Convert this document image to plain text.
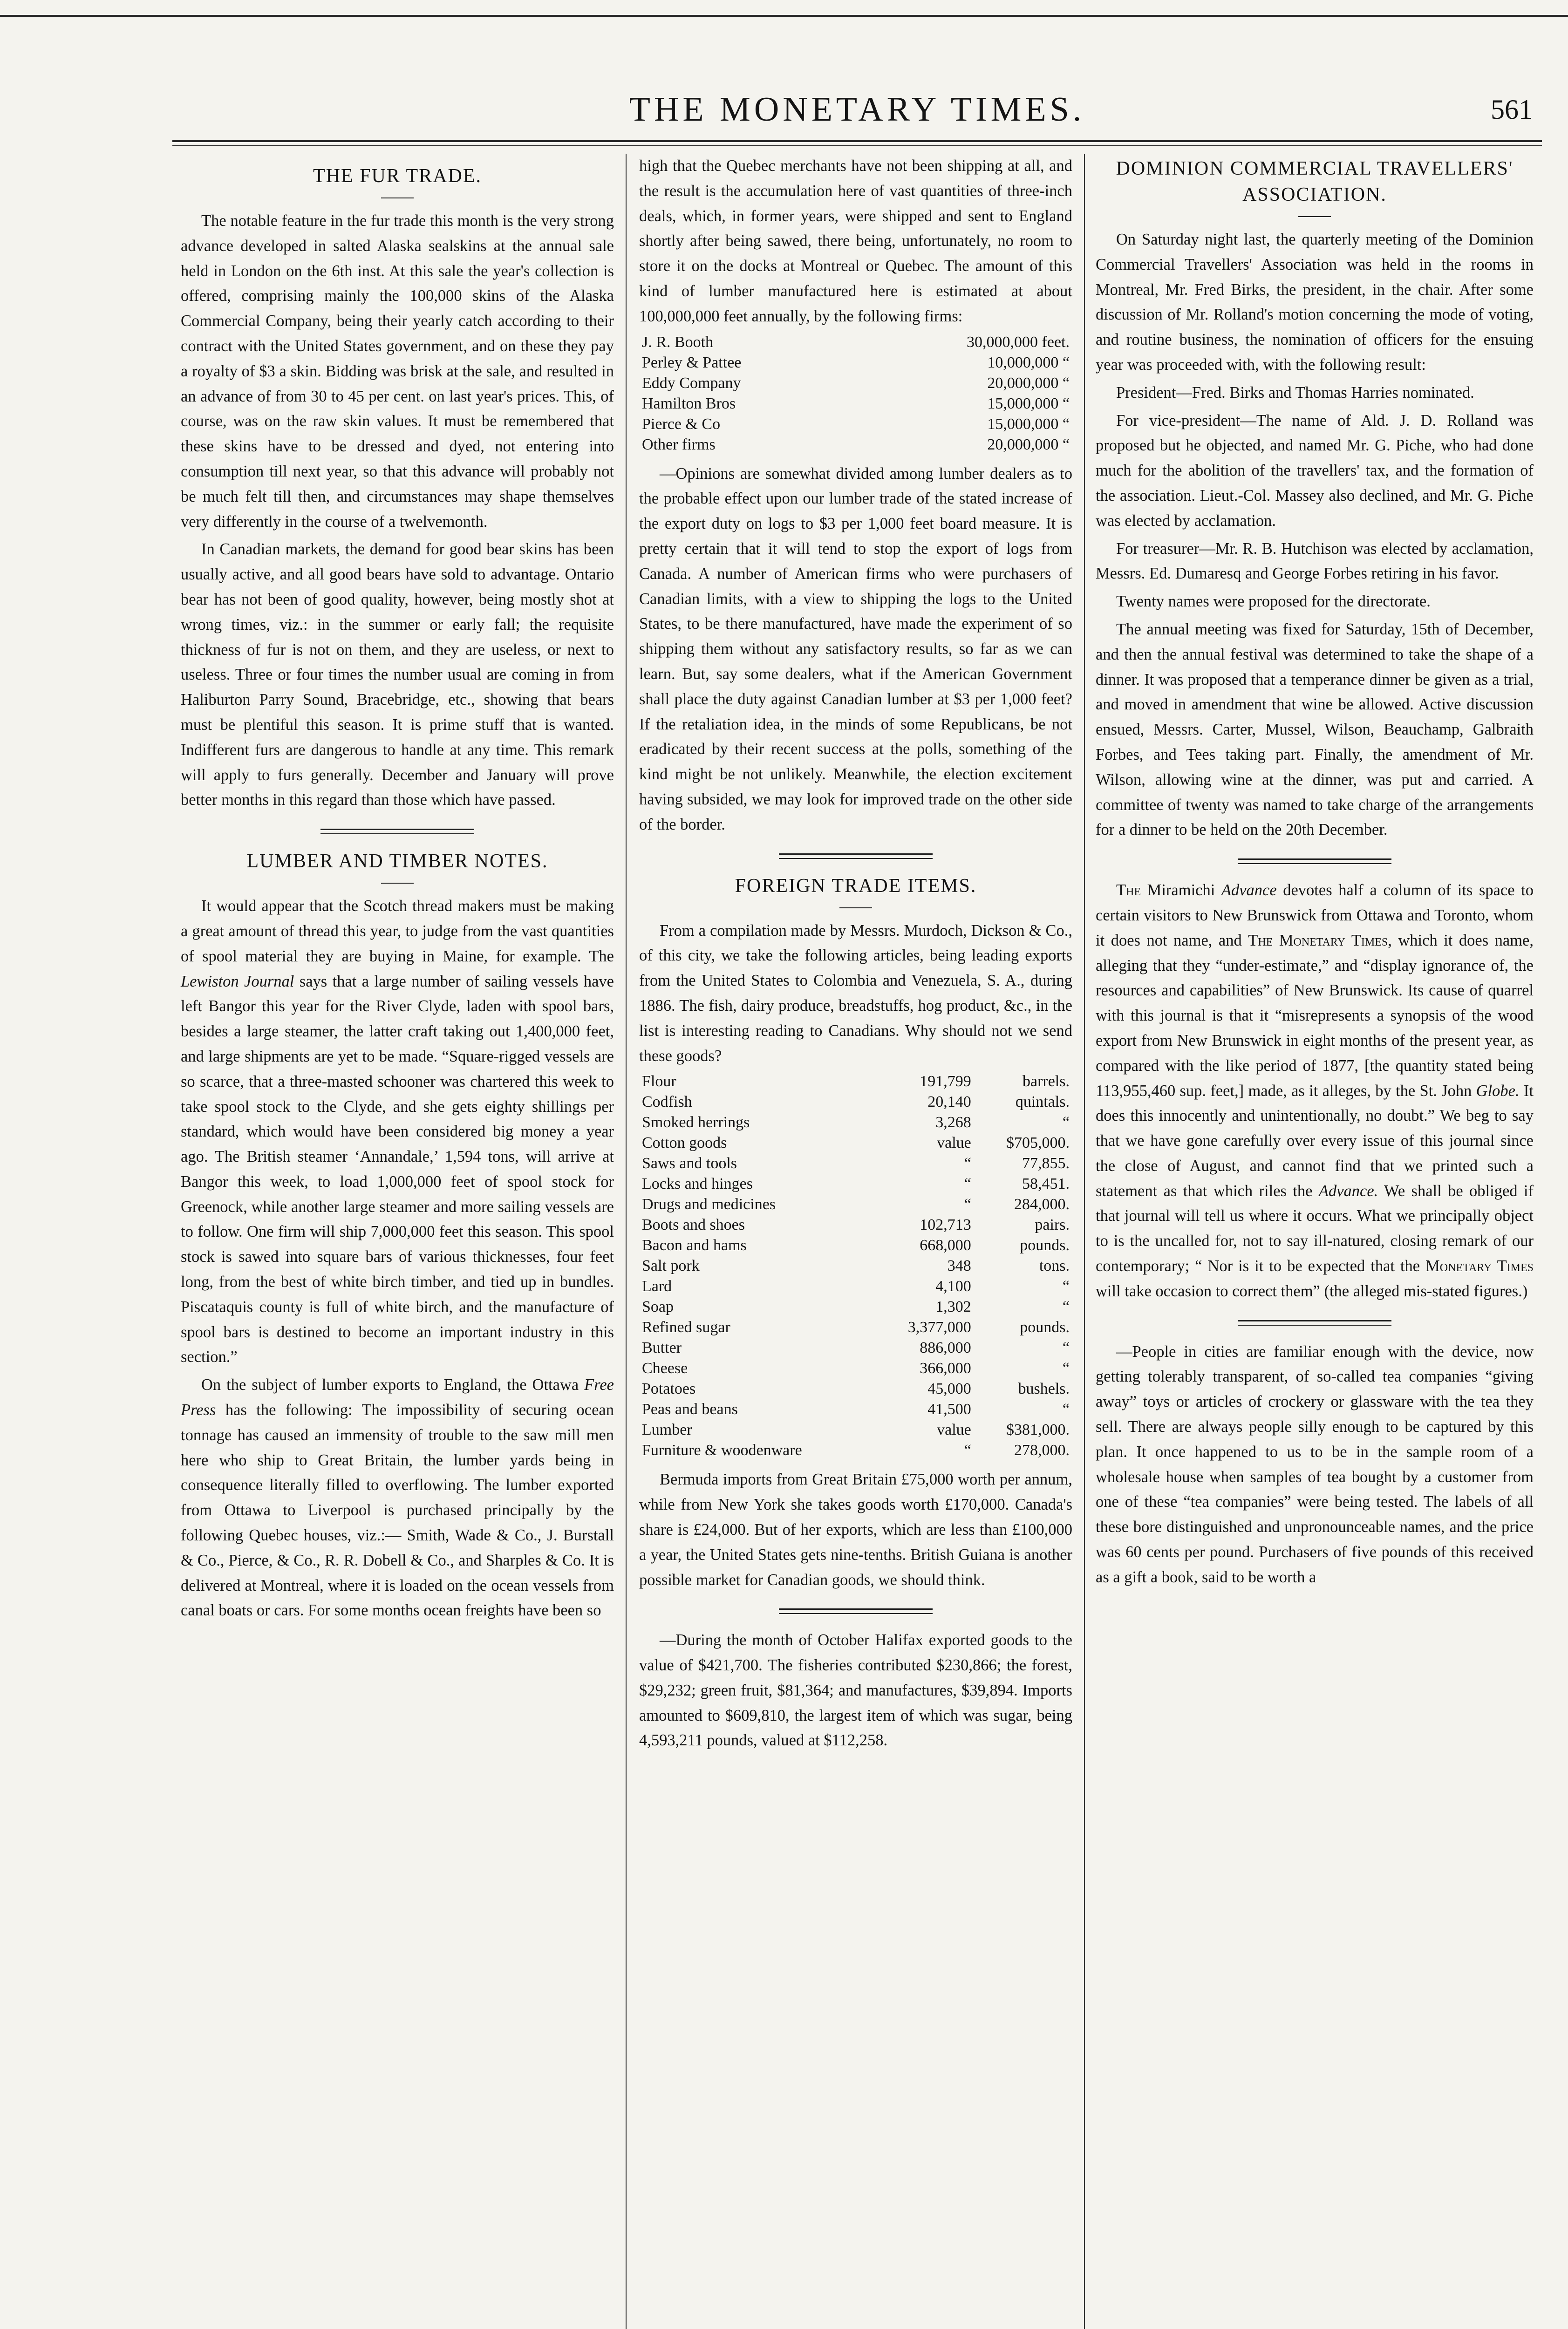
THE MONETARY TIMES.	561
THE FUR TRADE.

The notable feature in the fur trade this month is the very strong advance developed in salted Alaska sealskins at the annual sale held in London on the 6th inst. At this sale the year's collection is offered, comprising mainly the 100,000 skins of the Alaska Commercial Company, being their yearly catch according to their contract with the United States government, and on these they pay a royalty of $3 a skin. Bidding was brisk at the sale, and resulted in an advance of from 30 to 45 per cent. on last year's prices. This, of course, was on the raw skin values. It must be remembered that these skins have to be dressed and dyed, not entering into consumption till next year, so that this advance will probably not be much felt till then, and circumstances may shape themselves very differently in the course of a twelvemonth.

In Canadian markets, the demand for good bear skins has been usually active, and all good bears have sold to advantage. Ontario bear has not been of good quality, however, being mostly shot at wrong times, viz.: in the summer or early fall; the requisite thickness of fur is not on them, and they are useless, or next to useless. Three or four times the number usual are coming in from Haliburton Parry Sound, Bracebridge, etc., showing that bears must be plentiful this season. It is prime stuff that is wanted. Indifferent furs are dangerous to handle at any time. This remark will apply to furs generally. December and January will prove better months in this regard than those which have passed.

LUMBER AND TIMBER NOTES.

It would appear that the Scotch thread makers must be making a great amount of thread this year, to judge from the vast quantities of spool material they are buying in Maine, for example. The Lewiston Journal says that a large number of sailing vessels have left Bangor this year for the River Clyde, laden with spool bars, besides a large steamer, the latter craft taking out 1,400,000 feet, and large shipments are yet to be made. “Square-rigged vessels are so scarce, that a three-masted schooner was chartered this week to take spool stock to the Clyde, and she gets eighty shillings per standard, which would have been considered big money a year ago. The British steamer ‘Annandale,’ 1,594 tons, will arrive at Bangor this week, to load 1,000,000 feet of spool stock for Greenock, while another large steamer and more sailing vessels are to follow. One firm will ship 7,000,000 feet this season. This spool stock is sawed into square bars of various thicknesses, four feet long, from the best of white birch timber, and tied up in bundles. Piscataquis county is full of white birch, and the manufacture of spool bars is destined to become an important industry in this section.”

On the subject of lumber exports to England, the Ottawa Free Press has the following: The impossibility of securing ocean tonnage has caused an immensity of trouble to the saw mill men here who ship to Great Britain, the lumber yards being in consequence literally filled to overflowing. The lumber exported from Ottawa to Liverpool is purchased principally by the following Quebec houses, viz.:— Smith, Wade & Co., J. Burstall & Co., Pierce, & Co., R. R. Dobell & Co., and Sharples & Co. It is delivered at Montreal, where it is loaded on the ocean vessels from canal boats or cars. For some months ocean freights have been so

high that the Quebec merchants have not been shipping at all, and the result is the accumulation here of vast quantities of three-inch deals, which, in former years, were shipped and sent to England shortly after being sawed, there being, unfortunately, no room to store it on the docks at Montreal or Quebec. The amount of this kind of lumber manufactured here is estimated at about 100,000,000 feet annually, by the following firms:

J. R. Booth	30,000,000 feet.
Perley & Pattee	10,000,000 “
Eddy Company	20,000,000 “
Hamilton Bros	15,000,000 “
Pierce & Co	15,000,000 “
Other firms	20,000,000 “

—Opinions are somewhat divided among lumber dealers as to the probable effect upon our lumber trade of the stated increase of the export duty on logs to $3 per 1,000 feet board measure. It is pretty certain that it will tend to stop the export of logs from Canada. A number of American firms who were purchasers of Canadian limits, with a view to shipping the logs to the United States, to be there manufactured, have made the experiment of so shipping them without any satisfactory results, so far as we can learn. But, say some dealers, what if the American Government shall place the duty against Canadian lumber at $3 per 1,000 feet? If the retaliation idea, in the minds of some Republicans, be not eradicated by their recent success at the polls, something of the kind might be not unlikely. Meanwhile, the election excitement having subsided, we may look for improved trade on the other side of the border.

FOREIGN TRADE ITEMS.

From a compilation made by Messrs. Murdoch, Dickson & Co., of this city, we take the following articles, being leading exports from the United States to Colombia and Venezuela, S. A., during 1886. The fish, dairy produce, breadstuffs, hog product, &c., in the list is interesting reading to Canadians. Why should not we send these goods?

Flour	191,799	barrels.
Codfish	20,140	quintals.
Smoked herrings	3,268	“
Cotton goods	value	$705,000.
Saws and tools	“	77,855.
Locks and hinges	“	58,451.
Drugs and medicines	“	284,000.
Boots and shoes	102,713	pairs.
Bacon and hams	668,000	pounds.
Salt pork	348	tons.
Lard	4,100	“
Soap	1,302	“
Refined sugar	3,377,000	pounds.
Butter	886,000	“
Cheese	366,000	“
Potatoes	45,000	bushels.
Peas and beans	41,500	“
Lumber	value	$381,000.
Furniture & woodenware	“	278,000.

Bermuda imports from Great Britain £75,000 worth per annum, while from New York she takes goods worth £170,000. Canada's share is £24,000. But of her exports, which are less than £100,000 a year, the United States gets nine-tenths. British Guiana is another possible market for Canadian goods, we should think.

—During the month of October Halifax exported goods to the value of $421,700. The fisheries contributed $230,866; the forest, $29,232; green fruit, $81,364; and manufactures, $39,894. Imports amounted to $609,810, the largest item of which was sugar, being 4,593,211 pounds, valued at $112,258.

DOMINION COMMERCIAL TRAVELLERS' ASSOCIATION.

On Saturday night last, the quarterly meeting of the Dominion Commercial Travellers' Association was held in the rooms in Montreal, Mr. Fred Birks, the president, in the chair. After some discussion of Mr. Rolland's motion concerning the mode of voting, and routine business, the nomination of officers for the ensuing year was proceeded with, with the following result:

President—Fred. Birks and Thomas Harries nominated.

For vice-president—The name of Ald. J. D. Rolland was proposed but he objected, and named Mr. G. Piche, who had done much for the abolition of the travellers' tax, and the formation of the association. Lieut.-Col. Massey also declined, and Mr. G. Piche was elected by acclamation.

For treasurer—Mr. R. B. Hutchison was elected by acclamation, Messrs. Ed. Dumaresq and George Forbes retiring in his favor.

Twenty names were proposed for the directorate.

The annual meeting was fixed for Saturday, 15th of December, and then the annual festival was determined to take the shape of a dinner. It was proposed that a temperance dinner be given as a trial, and moved in amendment that wine be allowed. Active discussion ensued, Messrs. Carter, Mussel, Wilson, Beauchamp, Galbraith Forbes, and Tees taking part. Finally, the amendment of Mr. Wilson, allowing wine at the dinner, was put and carried. A committee of twenty was named to take charge of the arrangements for a dinner to be held on the 20th December.

The Miramichi Advance devotes half a column of its space to certain visitors to New Brunswick from Ottawa and Toronto, whom it does not name, and The Monetary Times, which it does name, alleging that they “under-estimate,” and “display ignorance of, the resources and capabilities” of New Brunswick. Its cause of quarrel with this journal is that it “misrepresents a synopsis of the wood export from New Brunswick in eight months of the present year, as compared with the like period of 1877, [the quantity stated being 113,955,460 sup. feet,] made, as it alleges, by the St. John Globe. It does this innocently and unintentionally, no doubt.” We beg to say that we have gone carefully over every issue of this journal since the close of August, and cannot find that we printed such a statement as that which riles the Advance. We shall be obliged if that journal will tell us where it occurs. What we principally object to is the uncalled for, not to say ill-natured, closing remark of our contemporary; “ Nor is it to be expected that the Monetary Times will take occasion to correct them” (the alleged mis-stated figures.)

—People in cities are familiar enough with the device, now getting tolerably transparent, of so-called tea companies “giving away” toys or articles of crockery or glassware with the tea they sell. There are always people silly enough to be captured by this plan. It once happened to us to be in the sample room of a wholesale house when samples of tea bought by a customer from one of these “tea companies” were being tested. The labels of all these bore distinguished and unpronounceable names, and the price was 60 cents per pound. Purchasers of five pounds of this received as a gift a book, said to be worth a
